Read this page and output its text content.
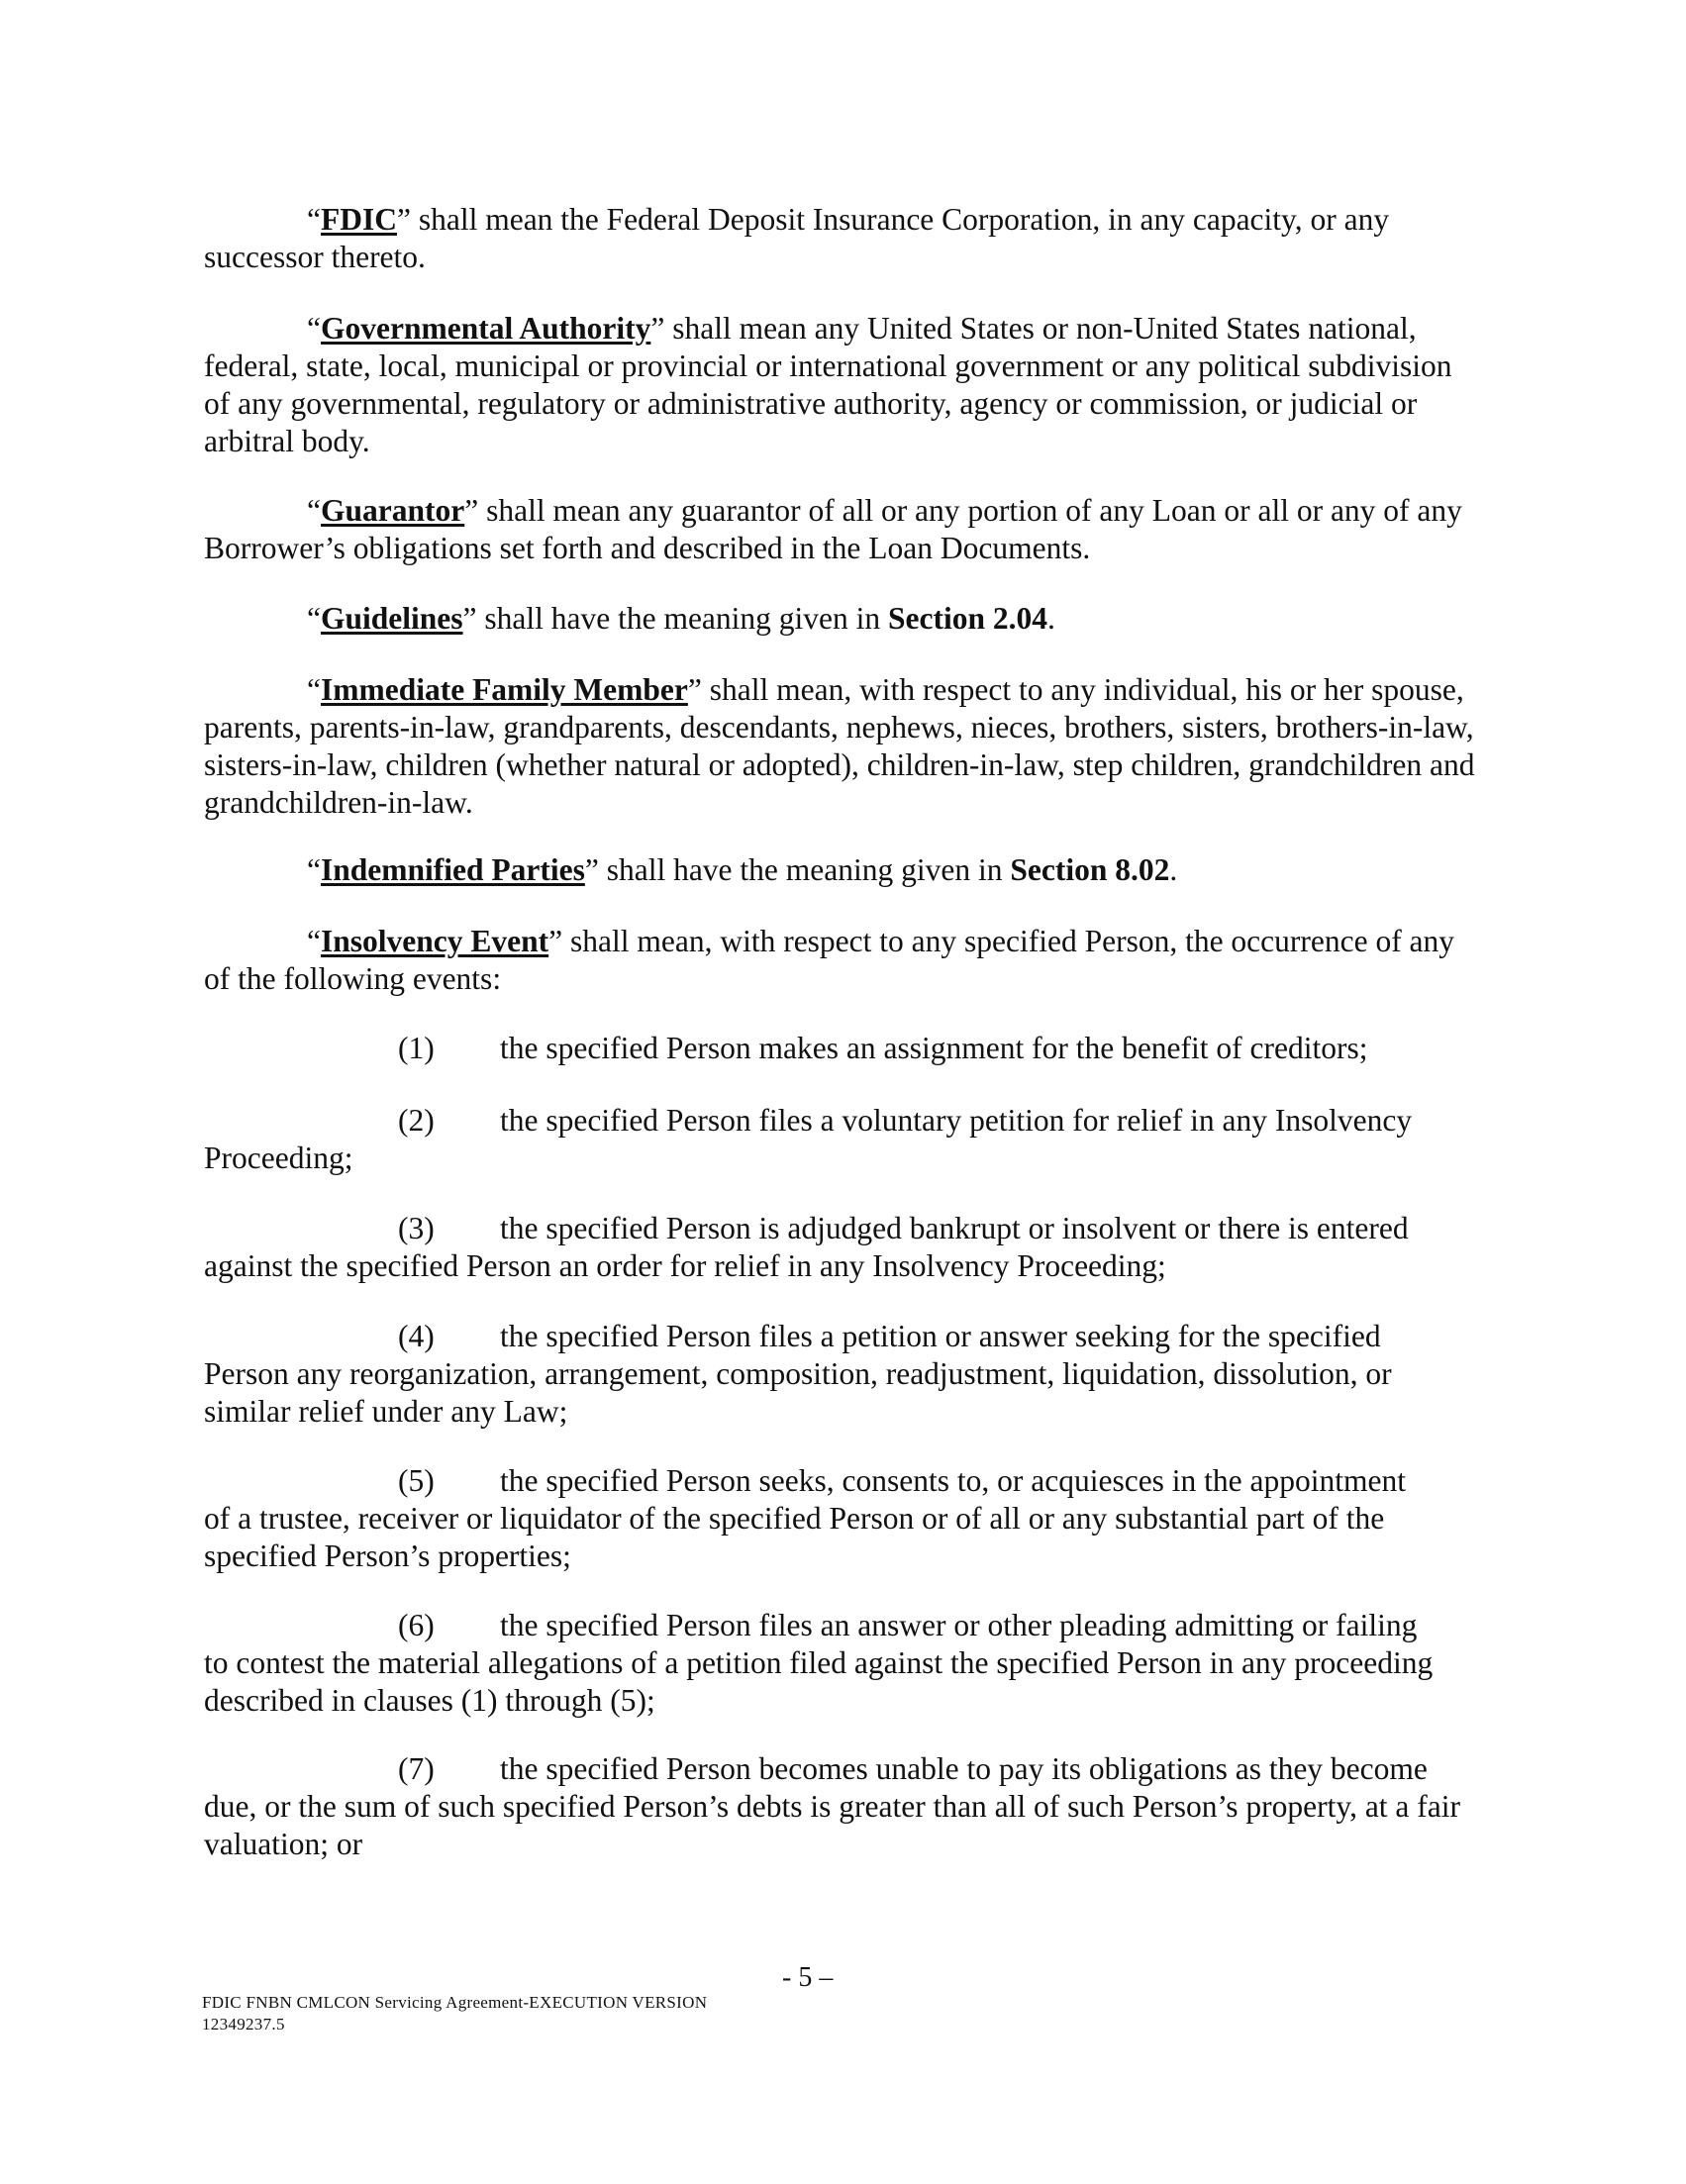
“FDIC” shall mean the Federal Deposit Insurance Corporation, in any capacity, or any successor thereto.

“Governmental Authority” shall mean any United States or non-United States national, federal, state, local, municipal or provincial or international government or any political subdivision of any governmental, regulatory or administrative authority, agency or commission, or judicial or arbitral body.

“Guarantor” shall mean any guarantor of all or any portion of any Loan or all or any of any Borrower’s obligations set forth and described in the Loan Documents.

“Guidelines” shall have the meaning given in Section 2.04.

“Immediate Family Member” shall mean, with respect to any individual, his or her spouse, parents, parents-in-law, grandparents, descendants, nephews, nieces, brothers, sisters, brothers-in-law, sisters-in-law, children (whether natural or adopted), children-in-law, step children, grandchildren and grandchildren-in-law.

“Indemnified Parties” shall have the meaning given in Section 8.02.

“Insolvency Event” shall mean, with respect to any specified Person, the occurrence of any of the following events:

(1) the specified Person makes an assignment for the benefit of creditors;
(2) the specified Person files a voluntary petition for relief in any Insolvency
Proceeding;
(3) the specified Person is adjudged bankrupt or insolvent or there is entered
against the specified Person an order for relief in any Insolvency Proceeding;
(4) the specified Person files a petition or answer seeking for the specified
Person any reorganization, arrangement, composition, readjustment, liquidation, dissolution, or similar relief under any Law;
(5) the specified Person seeks, consents to, or acquiesces in the appointment
of a trustee, receiver or liquidator of the specified Person or of all or any substantial part of the specified Person’s properties;
(6) the specified Person files an answer or other pleading admitting or failing
to contest the material allegations of a petition filed against the specified Person in any proceeding described in clauses (1) through (5);
(7) the specified Person becomes unable to pay its obligations as they become
due, or the sum of such specified Person’s debts is greater than all of such Person’s property, at a fair valuation; or
- 5 –
FDIC FNBN CMLCON Servicing Agreement-EXECUTION VERSION
12349237.5
